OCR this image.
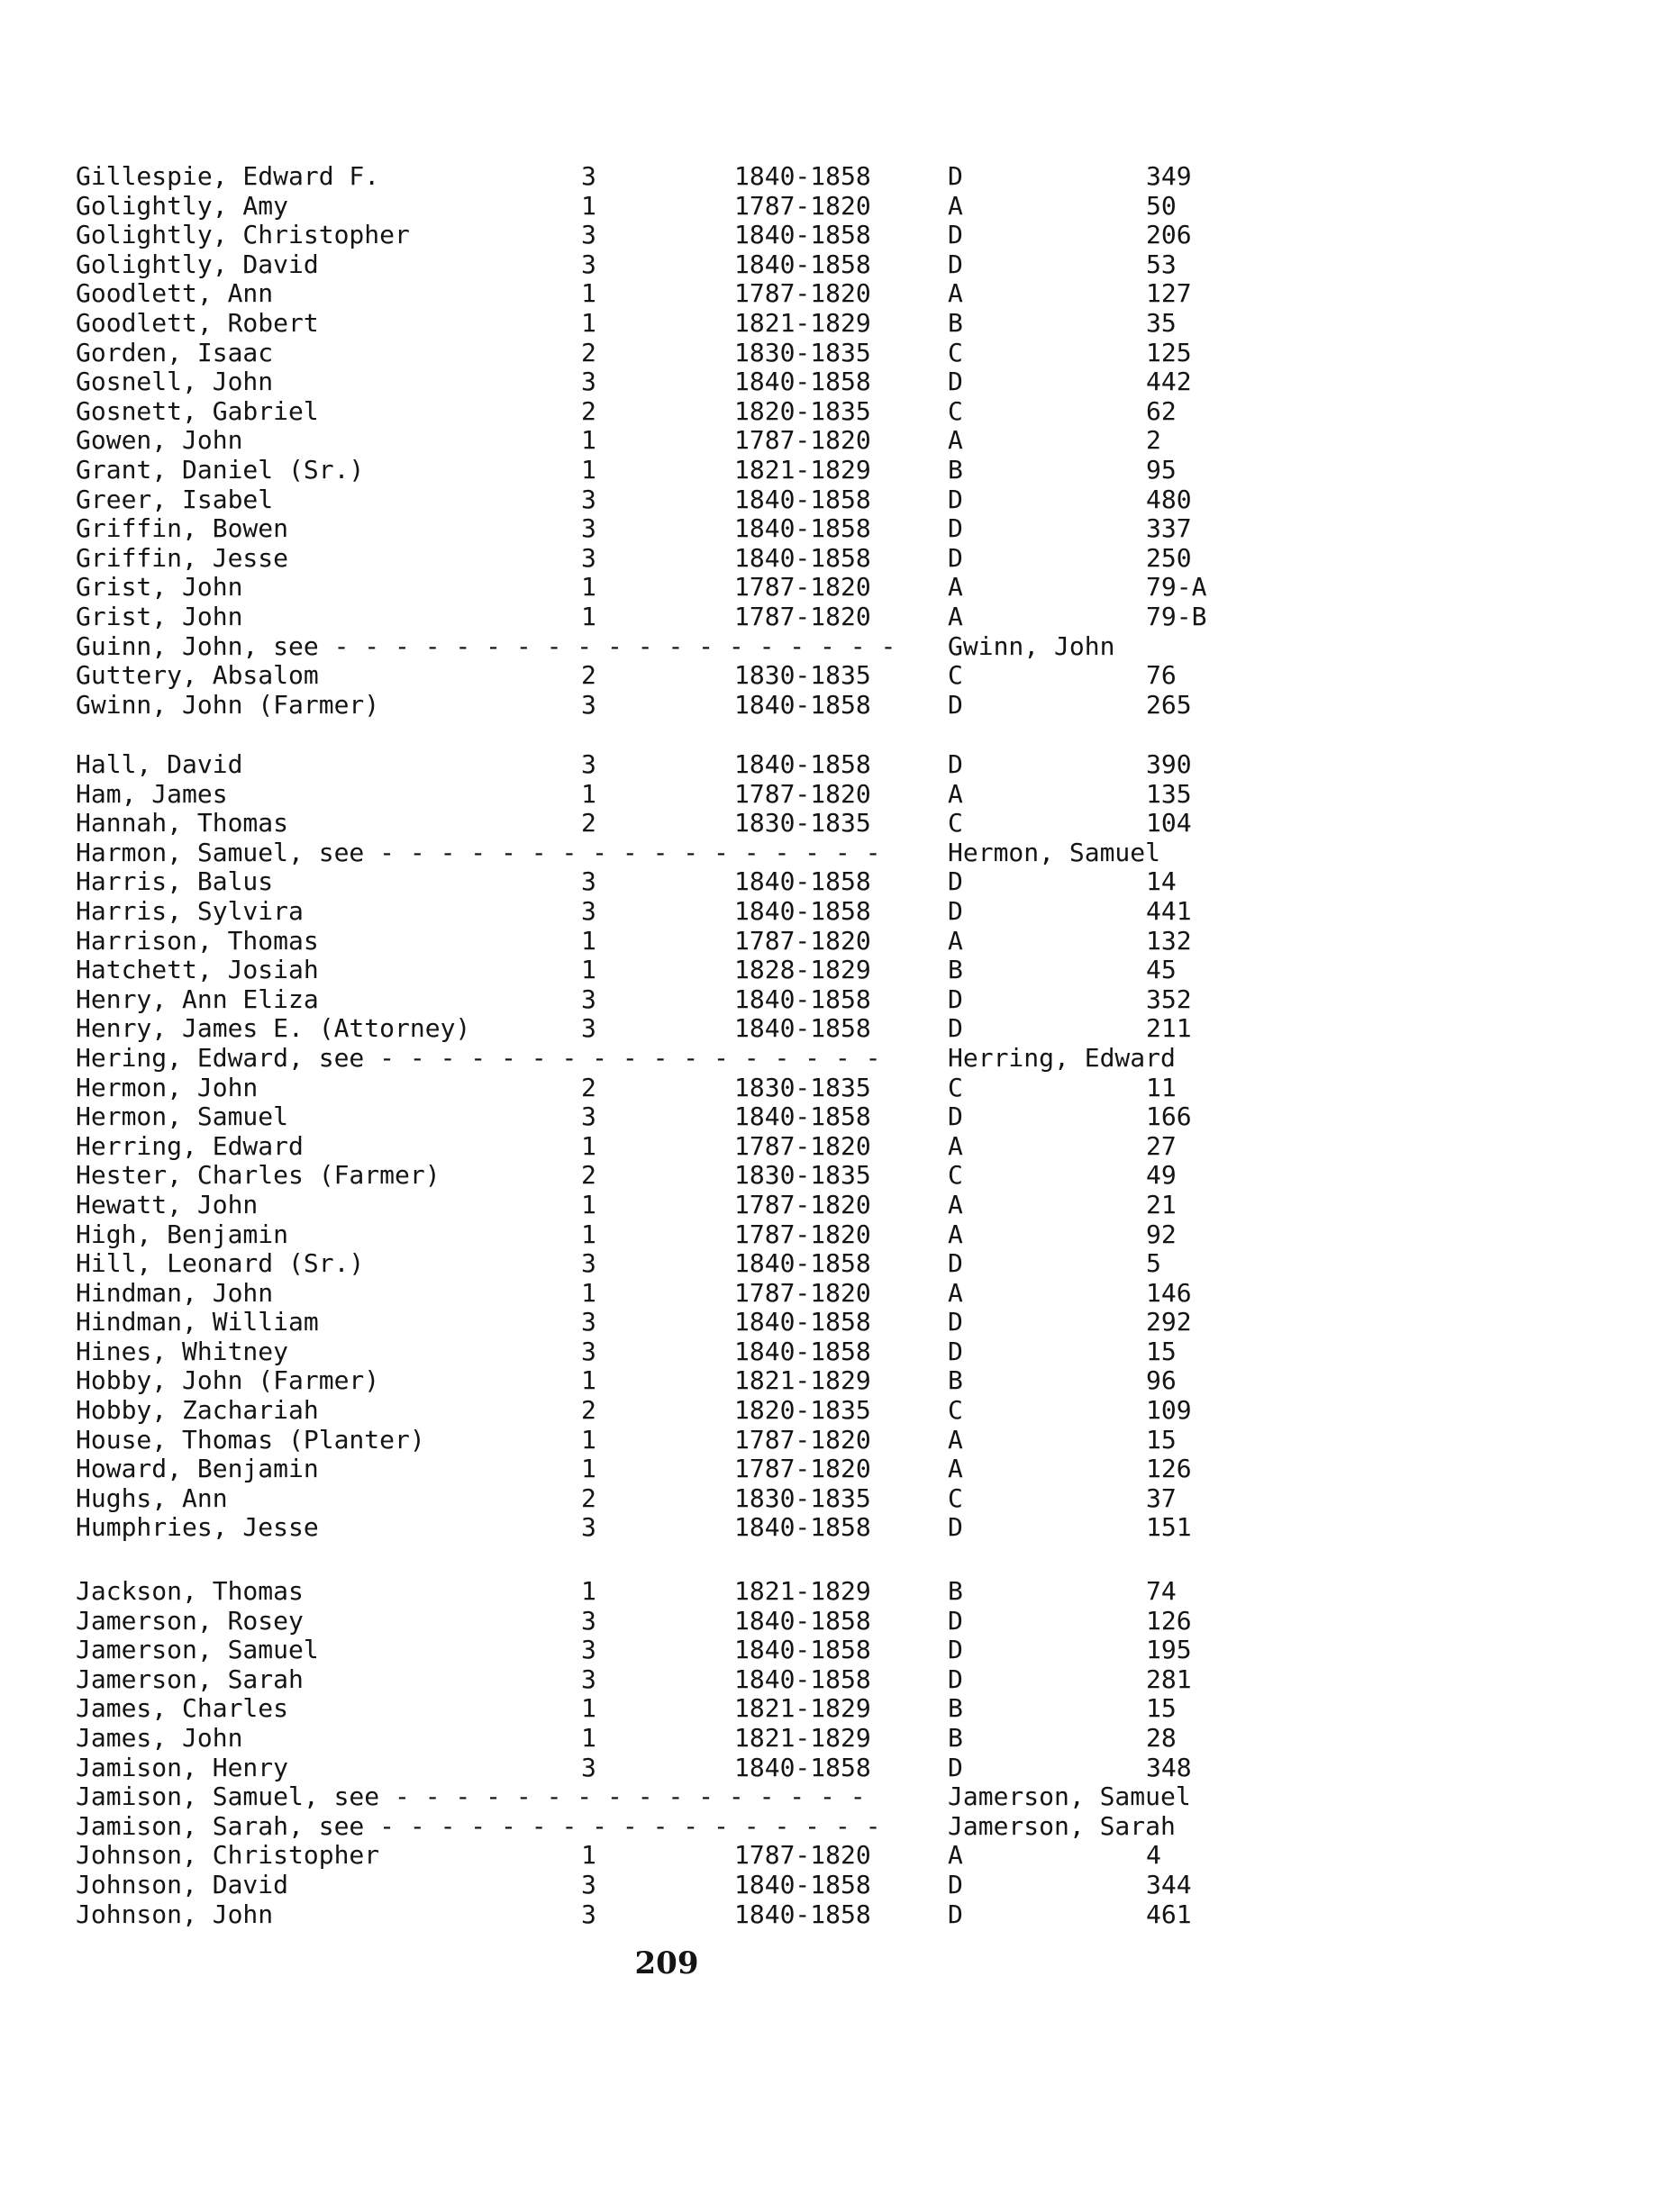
Gillespie, Edward F.	3	1840-1858	D	349
Golightly, Amy	1	1787-1820	A	50
Golightly, Christopher	3	1840-1858	D	206
Golightly, David	3	1840-1858	D	53
Goodlett, Ann	1	1787-1820	A	127
Goodlett, Robert	1	1821-1829	B	35
Gorden, Isaac	2	1830-1835	C	125
Gosnell, John	3	1840-1858	D	442
Gosnett, Gabriel	2	1820-1835	C	62
Gowen, John	1	1787-1820	A	2
Grant, Daniel (Sr.)	1	1821-1829	B	95
Greer, Isabel	3	1840-1858	D	480
Griffin, Bowen	3	1840-1858	D	337
Griffin, Jesse	3	1840-1858	D	250
Grist, John	1	1787-1820	A	79-A
Grist, John	1	1787-1820	A	79-B
Guinn, John, see - - - - - - - - - - - - - - - - - - - Gwinn, John
Guttery, Absalom	2	1830-1835	C	76
Gwinn, John (Farmer)	3	1840-1858	D	265
Hall, David	3	1840-1858	D	390
Ham, James	1	1787-1820	A	135
Hannah, Thomas	2	1830-1835	C	104
Harmon, Samuel, see - - - - - - - - - - - - - - - - -	Hermon, Samuel
Harris, Balus	3	1840-1858	D	14
Harris, Sylvira	3	1840-1858	D	441
Harrison, Thomas	1	1787-1820	A	132
Hatchett, Josiah	1	1828-1829	B	45
Henry, Ann Eliza	3	1840-1858	D	352
Henry, James E. (Attorney)	3	1840-1858	D	211
Hering, Edward, see - - - - - - - - - - - - - - - - -	Herring, Edward
Hermon, John	2	1830-1835	C	11
Hermon, Samuel	3	1840-1858	D	166
Herring, Edward	1	1787-1820	A	27
Hester, Charles (Farmer)	2	1830-1835	C	49
Hewatt, John	1	1787-1820	A	21
High, Benjamin	1	1787-1820	A	92
Hill, Leonard (Sr.)	3	1840-1858	D	5
Hindman, John	1	1787-1820	A	146
Hindman, William	3	1840-1858	D	292
Hines, Whitney	3	1840-1858	D	15
Hobby, John (Farmer)	1	1821-1829	B	96
Hobby, Zachariah	2	1820-1835	C	109
House, Thomas (Planter)	1	1787-1820	A	15
Howard, Benjamin	1	1787-1820	A	126
Hughs, Ann	2	1830-1835	C	37
Humphries, Jesse	3	1840-1858	D	151
Jackson, Thomas	1	1821-1829	B	74
Jamerson, Rosey	3	1840-1858	D	126
Jamerson, Samuel	3	1840-1858	D	195
Jamerson, Sarah	3	1840-1858	D	281
James, Charles	1	1821-1829	B	15
James, John	1	1821-1829	B	28
Jamison, Henry	3	1840-1858	D	348
Jamison, Samuel, see - - - - - - - - - - - - - - - -	Jamerson, Samuel
Jamison, Sarah, see - - - - - - - - - - - - - - - - -	Jamerson, Sarah
Johnson, Christopher	1	1787-1820	A	4
Johnson, David	3	1840-1858	D	344
Johnson, John	3	1840-1858	D	461
209
